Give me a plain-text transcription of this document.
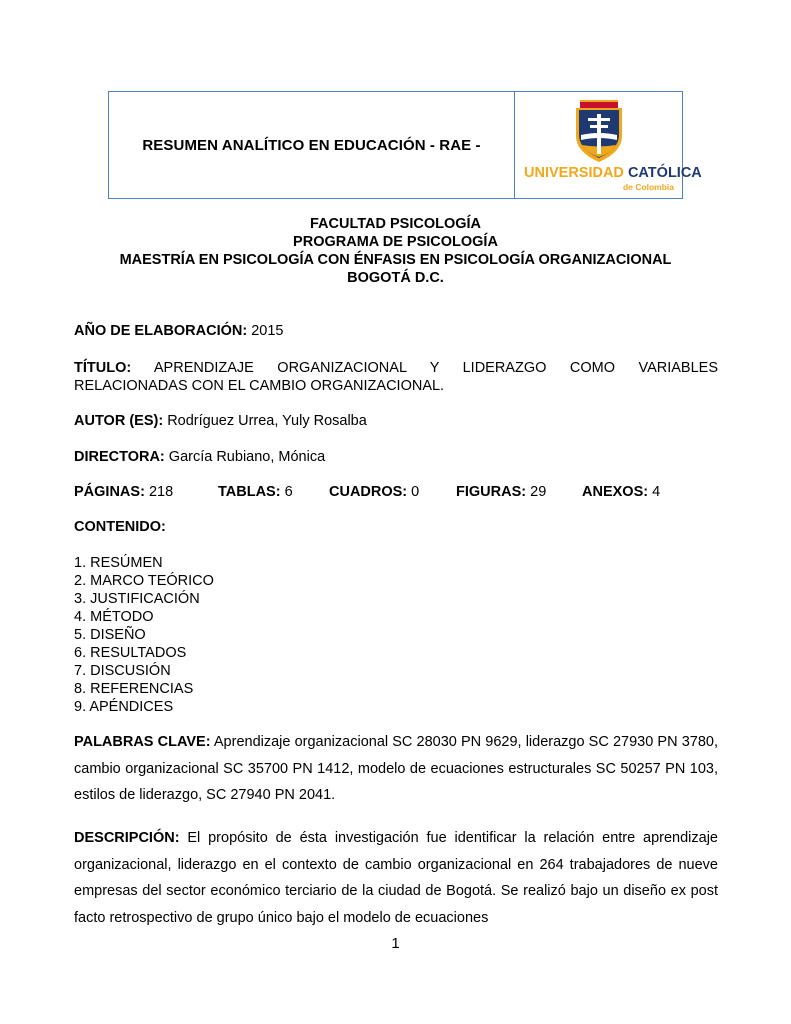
RESUMEN ANALÍTICO EN EDUCACIÓN - RAE -
UNIVERSIDAD CATÓLICA
de Colombia
FACULTAD PSICOLOGÍA
PROGRAMA DE PSICOLOGÍA
MAESTRÍA EN PSICOLOGÍA CON ÉNFASIS EN PSICOLOGÍA ORGANIZACIONAL
BOGOTÁ D.C.
AÑO DE ELABORACIÓN: 2015
TÍTULO: APRENDIZAJE ORGANIZACIONAL Y LIDERAZGO COMO VARIABLES RELACIONADAS CON EL CAMBIO ORGANIZACIONAL.
AUTOR (ES): Rodríguez Urrea, Yuly Rosalba
DIRECTORA: García Rubiano, Mónica
PÁGINAS: 218	TABLAS: 6	CUADROS: 0	FIGURAS: 29 ANEXOS: 4
CONTENIDO:
1. RESÚMEN
2. MARCO TEÓRICO
3. JUSTIFICACIÓN
4. MÉTODO
5. DISEÑO
6. RESULTADOS
7. DISCUSIÓN
8. REFERENCIAS
9. APÉNDICES
PALABRAS CLAVE: Aprendizaje organizacional SC 28030 PN 9629, liderazgo SC 27930 PN 3780, cambio organizacional SC 35700 PN 1412, modelo de ecuaciones estructurales SC 50257 PN 103, estilos de liderazgo, SC 27940 PN 2041.
DESCRIPCIÓN: El propósito de ésta investigación fue identificar la relación entre aprendizaje organizacional, liderazgo en el contexto de cambio organizacional en 264 trabajadores de nueve empresas del sector económico terciario de la ciudad de Bogotá. Se realizó bajo un diseño ex post facto retrospectivo de grupo único bajo el modelo de ecuaciones
1
